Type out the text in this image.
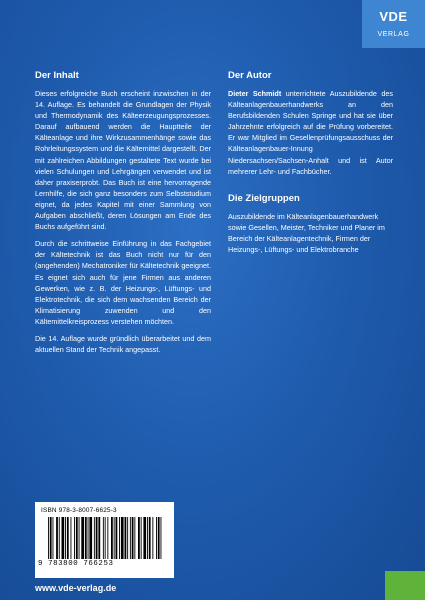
VDE
VERLAG
Der Inhalt

Dieses erfolgreiche Buch erscheint inzwischen in der 14. Auflage. Es behandelt die Grundlagen der Physik und Thermodynamik des Kälteerzeugungsprozesses. Darauf aufbauend werden die Hauptteile der Kälteanlage und ihre Wirkzusammenhänge sowie das Rohrleitungssystem und die Kältemittel dargestellt. Der mit zahlreichen Abbildungen gestaltete Text wurde bei vielen Schulungen und Lehrgängen verwendet und ist daher praxiserprobt. Das Buch ist eine hervorragende Lernhilfe, die sich ganz besonders zum Selbststudium eignet, da jedes Kapitel mit einer Sammlung von Aufgaben abschließt, deren Lösungen am Ende des Buchs aufgeführt sind.

Durch die schrittweise Einführung in das Fachgebiet der Kältetechnik ist das Buch nicht nur für den (angehenden) Mechatroniker für Kältetechnik geeignet. Es eignet sich auch für jene Firmen aus anderen Gewerken, wie z. B. der Heizungs-, Lüftungs- und Elektrotechnik, die sich dem wachsenden Bereich der Klimatisierung zuwenden und den Kältemittelkreisprozess verstehen möchten.

Die 14. Auflage wurde gründlich überarbeitet und dem aktuellen Stand der Technik angepasst.

Der Autor

Dieter Schmidt unterrichtete Auszubildende des Kälteanlagenbauerhandwerks an den Berufsbildenden Schulen Springe und hat sie über Jahrzehnte erfolgreich auf die Prüfung vorbereitet. Er war Mitglied im Gesellenprüfungsausschuss der Kälteanlagenbauer-Innung Niedersachsen/Sachsen-Anhalt und ist Autor mehrerer Lehr- und Fachbücher.

Die Zielgruppen

Auszubildende im Kälteanlagenbauerhandwerk sowie Gesellen, Meister, Techniker und Planer im Bereich der Kälteanlagentechnik, Firmen der Heizungs-, Lüftungs- und Elektrobranche

ISBN 978-3-8007-6625-3
9 783800 766253
www.vde-verlag.de
